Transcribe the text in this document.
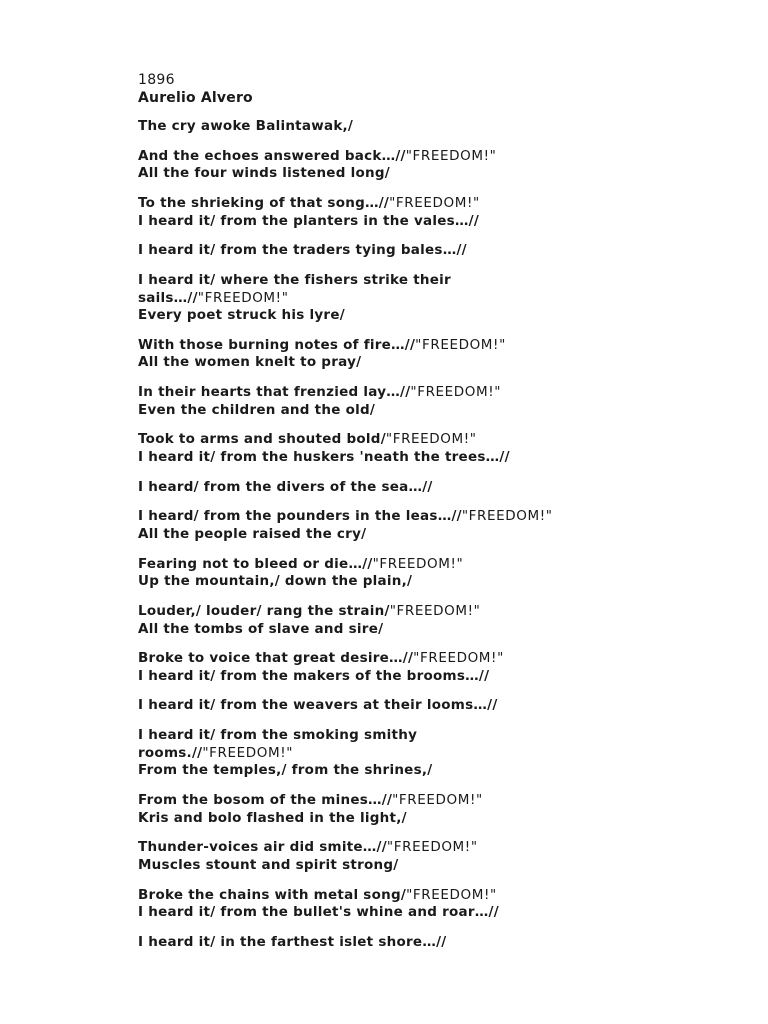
1896
Aurelio Alvero
The cry awoke Balintawak,/
And the echoes answered back…//"FREEDOM!"
All the four winds listened long/
To the shrieking of that song…//"FREEDOM!"
I heard it/ from the planters in the vales…//
I heard it/ from the traders tying bales…//
I heard it/ where the fishers strike their
sails…//"FREEDOM!"
Every poet struck his lyre/
With those burning notes of fire…//"FREEDOM!"
All the women knelt to pray/
In their hearts that frenzied lay…//"FREEDOM!"
Even the children and the old/
Took to arms and shouted bold/"FREEDOM!"
I heard it/ from the huskers 'neath the trees…//
I heard/ from the divers of the sea…//
I heard/ from the pounders in the leas…//"FREEDOM!"
All the people raised the cry/
Fearing not to bleed or die…//"FREEDOM!"
Up the mountain,/ down the plain,/
Louder,/ louder/ rang the strain/"FREEDOM!"
All the tombs of slave and sire/
Broke to voice that great desire…//"FREEDOM!"
I heard it/ from the makers of the brooms…//
I heard it/ from the weavers at their looms…//
I heard it/ from the smoking smithy
rooms.//"FREEDOM!"
From the temples,/ from the shrines,/
From the bosom of the mines…//"FREEDOM!"
Kris and bolo flashed in the light,/
Thunder-voices air did smite…//"FREEDOM!"
Muscles stount and spirit strong/
Broke the chains with metal song/"FREEDOM!"
I heard it/ from the bullet's whine and roar…//
I heard it/ in the farthest islet shore…//
